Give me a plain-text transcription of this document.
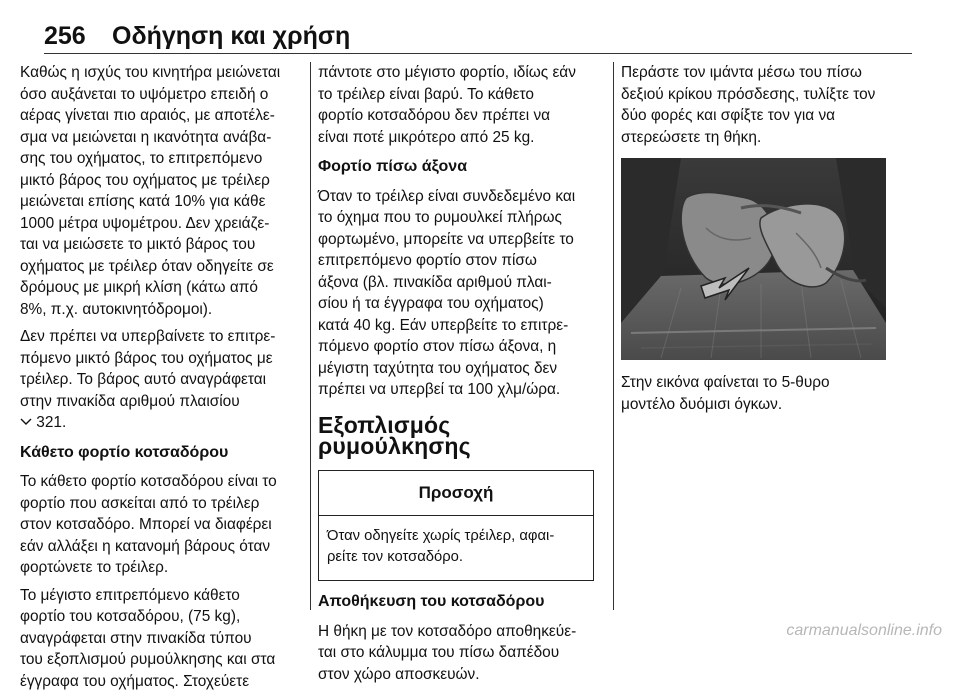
256 Οδήγηση και χρήση

Καθώς η ισχύς του κινητήρα μειώνεται
όσο αυξάνεται το υψόμετρο επειδή ο
αέρας γίνεται πιο αραιός, με αποτέλε‐
σμα να μειώνεται η ικανότητα ανάβα‐
σης του οχήματος, το επιτρεπόμενο
μικτό βάρος του οχήματος με τρέιλερ
μειώνεται επίσης κατά 10% για κάθε
1000 μέτρα υψομέτρου. Δεν χρειάζε‐
ται να μειώσετε το μικτό βάρος του
οχήματος με τρέιλερ όταν οδηγείτε σε
δρόμους με μικρή κλίση (κάτω από
8%, π.χ. αυτοκινητόδρομοι).

Δεν πρέπει να υπερβαίνετε το επιτρε‐
πόμενο μικτό βάρος του οχήματος με
τρέιλερ. Το βάρος αυτό αναγράφεται
στην πινακίδα αριθμού πλαισίου
321.

Κάθετο φορτίο κοτσαδόρου

Το κάθετο φορτίο κοτσαδόρου είναι το
φορτίο που ασκείται από το τρέιλερ
στον κοτσαδόρο. Μπορεί να διαφέρει
εάν αλλάξει η κατανομή βάρους όταν
φορτώνετε το τρέιλερ.

Το μέγιστο επιτρεπόμενο κάθετο
φορτίο του κοτσαδόρου, (75 kg),
αναγράφεται στην πινακίδα τύπου
του εξοπλισμού ρυμούλκησης και στα
έγγραφα του οχήματος. Στοχεύετε

πάντοτε στο μέγιστο φορτίο, ιδίως εάν
το τρέιλερ είναι βαρύ. Το κάθετο
φορτίο κοτσαδόρου δεν πρέπει να
είναι ποτέ μικρότερο από 25 kg.

Φορτίο πίσω άξονα

Όταν το τρέιλερ είναι συνδεδεμένο και
το όχημα που το ρυμουλκεί πλήρως
φορτωμένο, μπορείτε να υπερβείτε το
επιτρεπόμενο φορτίο στον πίσω
άξονα (βλ. πινακίδα αριθμού πλαι‐
σίου ή τα έγγραφα του οχήματος)
κατά 40 kg. Εάν υπερβείτε το επιτρε‐
πόμενο φορτίο στον πίσω άξονα, η
μέγιστη ταχύτητα του οχήματος δεν
πρέπει να υπερβεί τα 100 χλμ/ώρα.

Εξοπλισμός ρυμούλκησης
Προσοχή
Όταν οδηγείτε χωρίς τρέιλερ, αφαι‐
ρείτε τον κοτσαδόρο.
Αποθήκευση του κοτσαδόρου

Η θήκη με τον κοτσαδόρο αποθηκεύε‐
ται στο κάλυμμα του πίσω δαπέδου
στον χώρο αποσκευών.

Περάστε τον ιμάντα μέσω του πίσω
δεξιού κρίκου πρόσδεσης, τυλίξτε τον
δύο φορές και σφίξτε τον για να
στερεώσετε τη θήκη.

Στην εικόνα φαίνεται το 5-θυρο
μοντέλο δυόμισι όγκων.

carmanualsonline.info
